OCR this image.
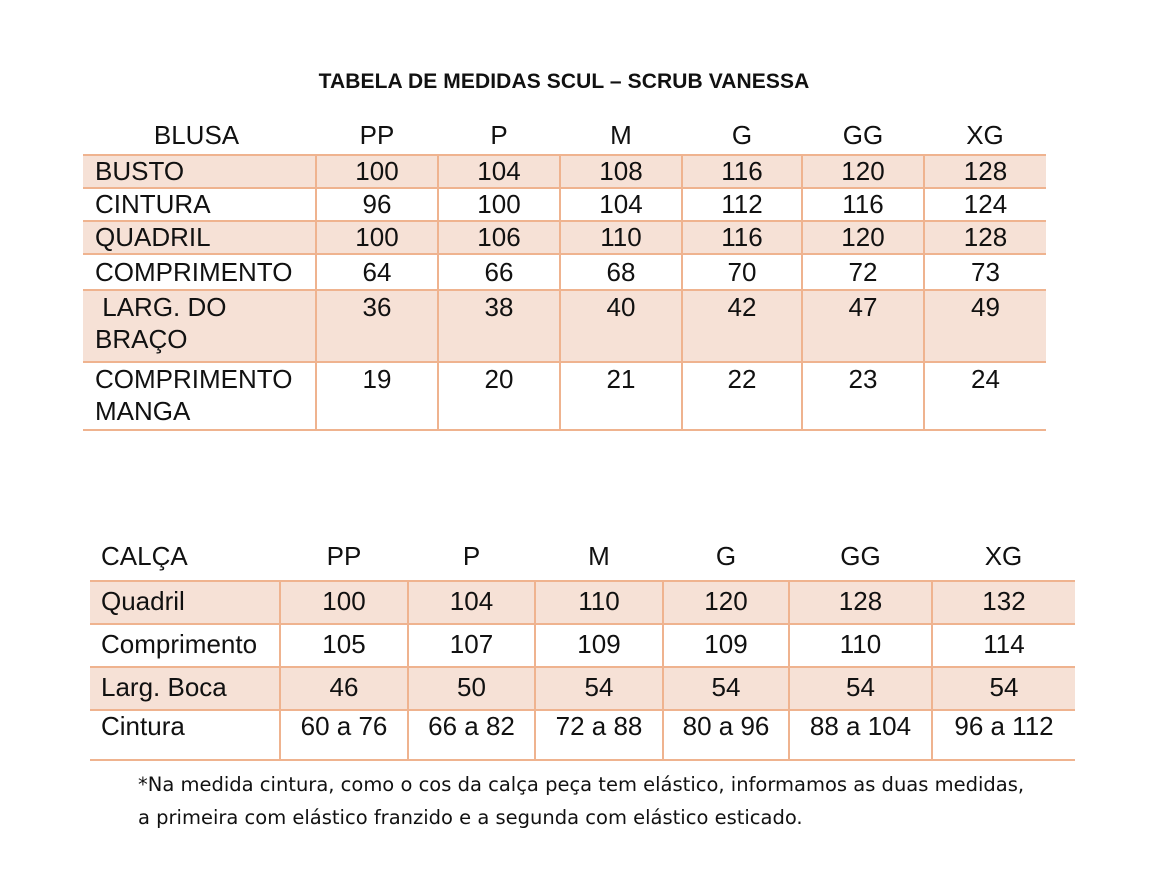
TABELA DE MEDIDAS SCUL – SCRUB VANESSA
BLUSA	PP	P	M	G	GG	XG
BUSTO	100	104	108	116	120	128
CINTURA	96	100	104	112	116	124
QUADRIL	100	106	110	116	120	128
COMPRIMENTO	64	66	68	70	72	73
LARG. DO BRAÇO	36	38	40	42	47	49
COMPRIMENTO MANGA	19	20	21	22	23	24
CALÇA	PP	P	M	G	GG	XG
Quadril	100	104	110	120	128	132
Comprimento	105	107	109	109	110	114
Larg. Boca	46	50	54	54	54	54
Cintura	60 a 76	66 a 82	72 a 88	80 a 96	88 a 104	96 a 112
*Na medida cintura, como o cos da calça peça tem elástico, informamos as duas medidas, a primeira com elástico franzido e a segunda com elástico esticado.
